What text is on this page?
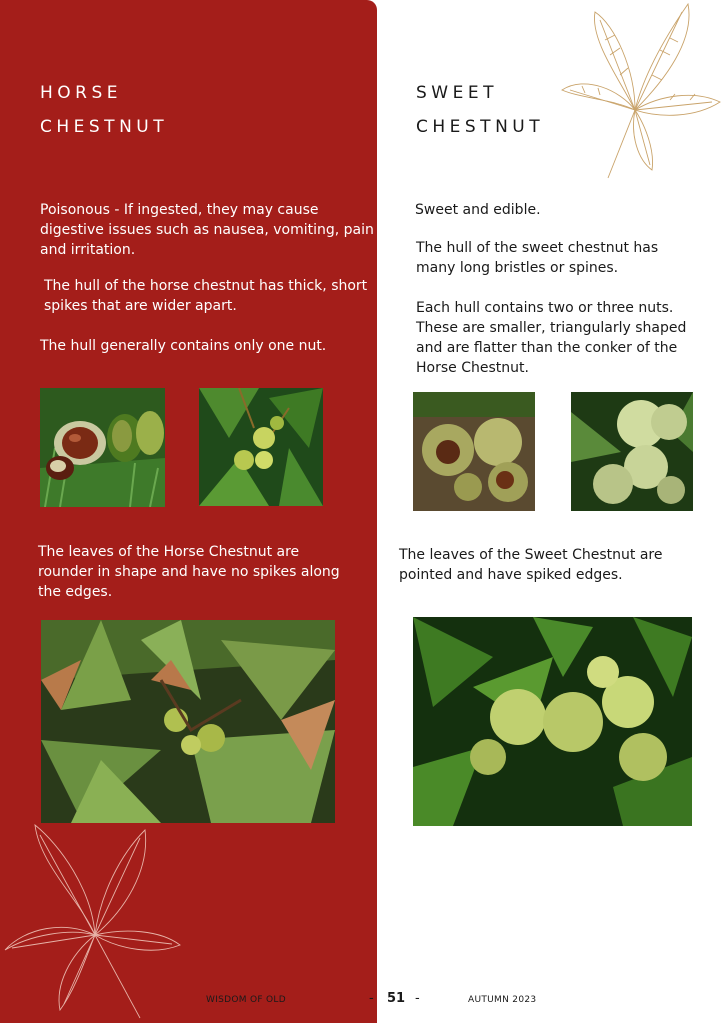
HORSE
CHESTNUT
SWEET
CHESTNUT

Poisonous - If ingested, they may cause digestive issues such as nausea, vomiting, pain and irritation.

The hull of the horse chestnut has thick, short spikes that are wider apart.

The hull generally contains only one nut.

Sweet and edible.

The hull of the sweet chestnut has many long bristles or spines.

Each hull contains two or three nuts. These are smaller, triangularly shaped and are flatter than the conker of the Horse Chestnut.

The leaves of the Horse Chestnut are rounder in shape and have no spikes along the edges.

The leaves of the Sweet Chestnut are pointed and have spiked edges.

WISDOM OF OLD	- 51 -	AUTUMN 2023
